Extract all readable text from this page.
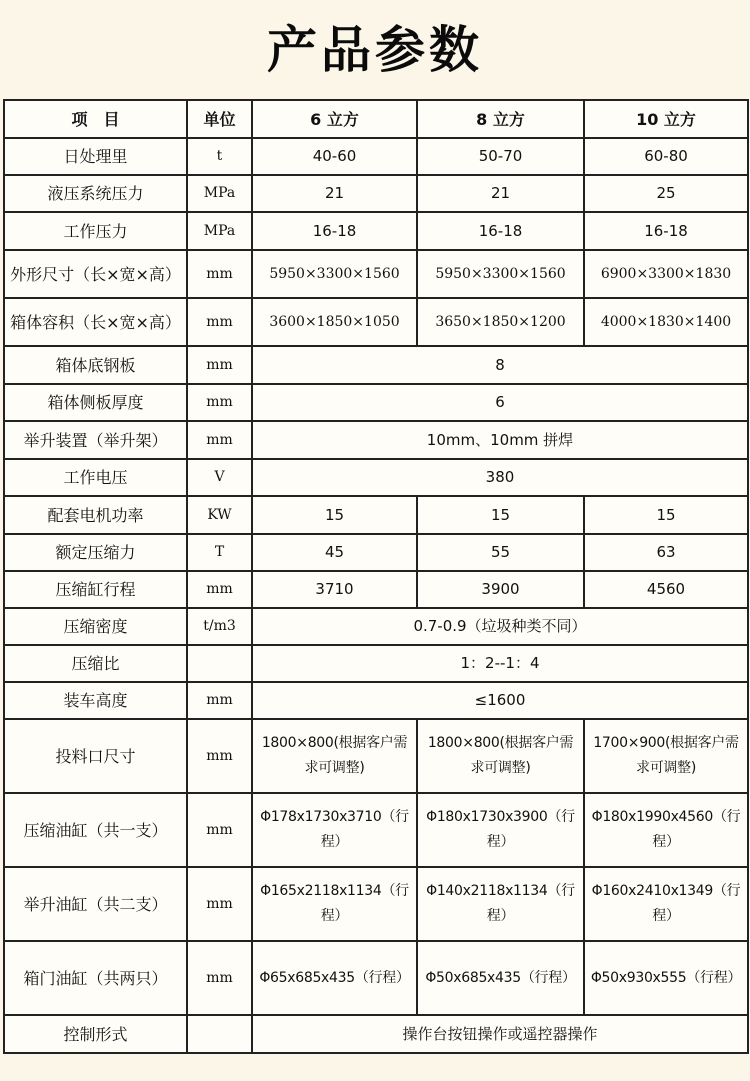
产品参数
项　目	单位	6 立方	8 立方	10 立方
日处理里	t	40-60	50-70	60-80
液压系统压力	MPa	21	21	25
工作压力	MPa	16-18	16-18	16-18
外形尺寸（长×宽×高）	mm	5950×3300×1560	5950×3300×1560	6900×3300×1830
箱体容积（长×宽×高）	mm	3600×1850×1050	3650×1850×1200	4000×1830×1400
箱体底钢板	mm	8		
箱体侧板厚度	mm	6		
举升装置（举升架）	mm	10mm、10mm 拼焊		
工作电压	V	380		
配套电机功率	KW	15	15	15
额定压缩力	T	45	55	63
压缩缸行程	mm	3710	3900	4560
压缩密度	t/m3	0.7-0.9（垃圾种类不同）		
压缩比		1：2--1：4		
装车高度	mm	≤1600		
投料口尺寸	mm	1800×800(根据客户需求可调整)	1800×800(根据客户需求可调整)	1700×900(根据客户需求可调整)
压缩油缸（共一支）	mm	Φ178x1730x3710（行程）	Φ180x1730x3900（行程）	Φ180x1990x4560（行程）
举升油缸（共二支）	mm	Φ165x2118x1134（行程）	Φ140x2118x1134（行程）	Φ160x2410x1349（行程）
箱门油缸（共两只）	mm	Φ65x685x435（行程）	Φ50x685x435（行程）	Φ50x930x555（行程）
控制形式		操作台按钮操作或遥控器操作		
